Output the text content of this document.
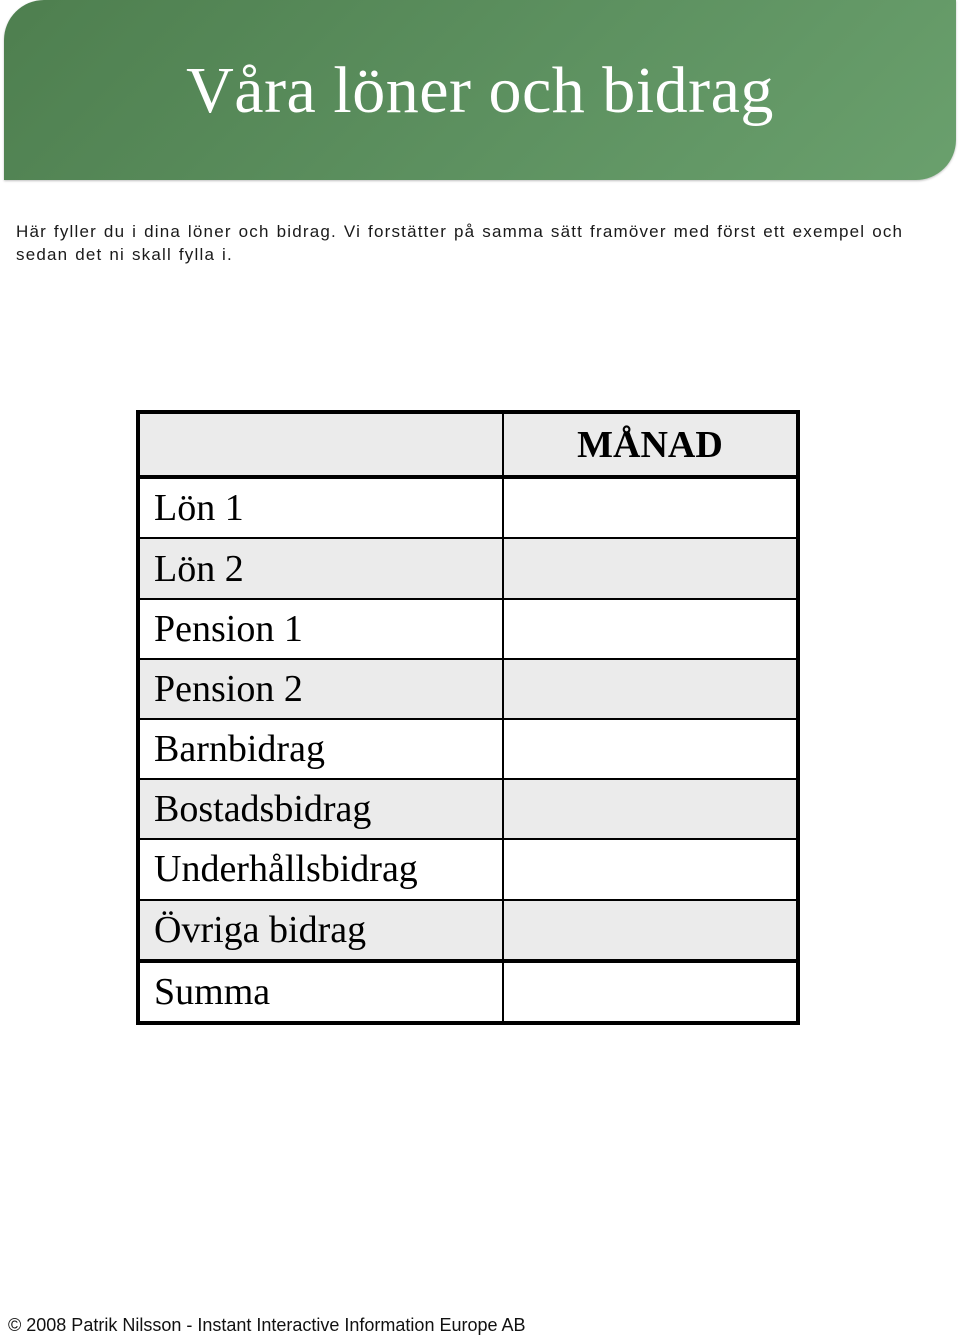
Våra löner och bidrag

Här fyller du i dina löner och bidrag. Vi forstätter på samma sätt framöver med först ett exempel och sedan det ni skall fylla i.

	MÅNAD
Lön 1	
Lön 2	
Pension 1	
Pension 2	
Barnbidrag	
Bostadsbidrag	
Underhållsbidrag	
Övriga bidrag	
Summa	
© 2008 Patrik Nilsson - Instant Interactive Information Europe AB
